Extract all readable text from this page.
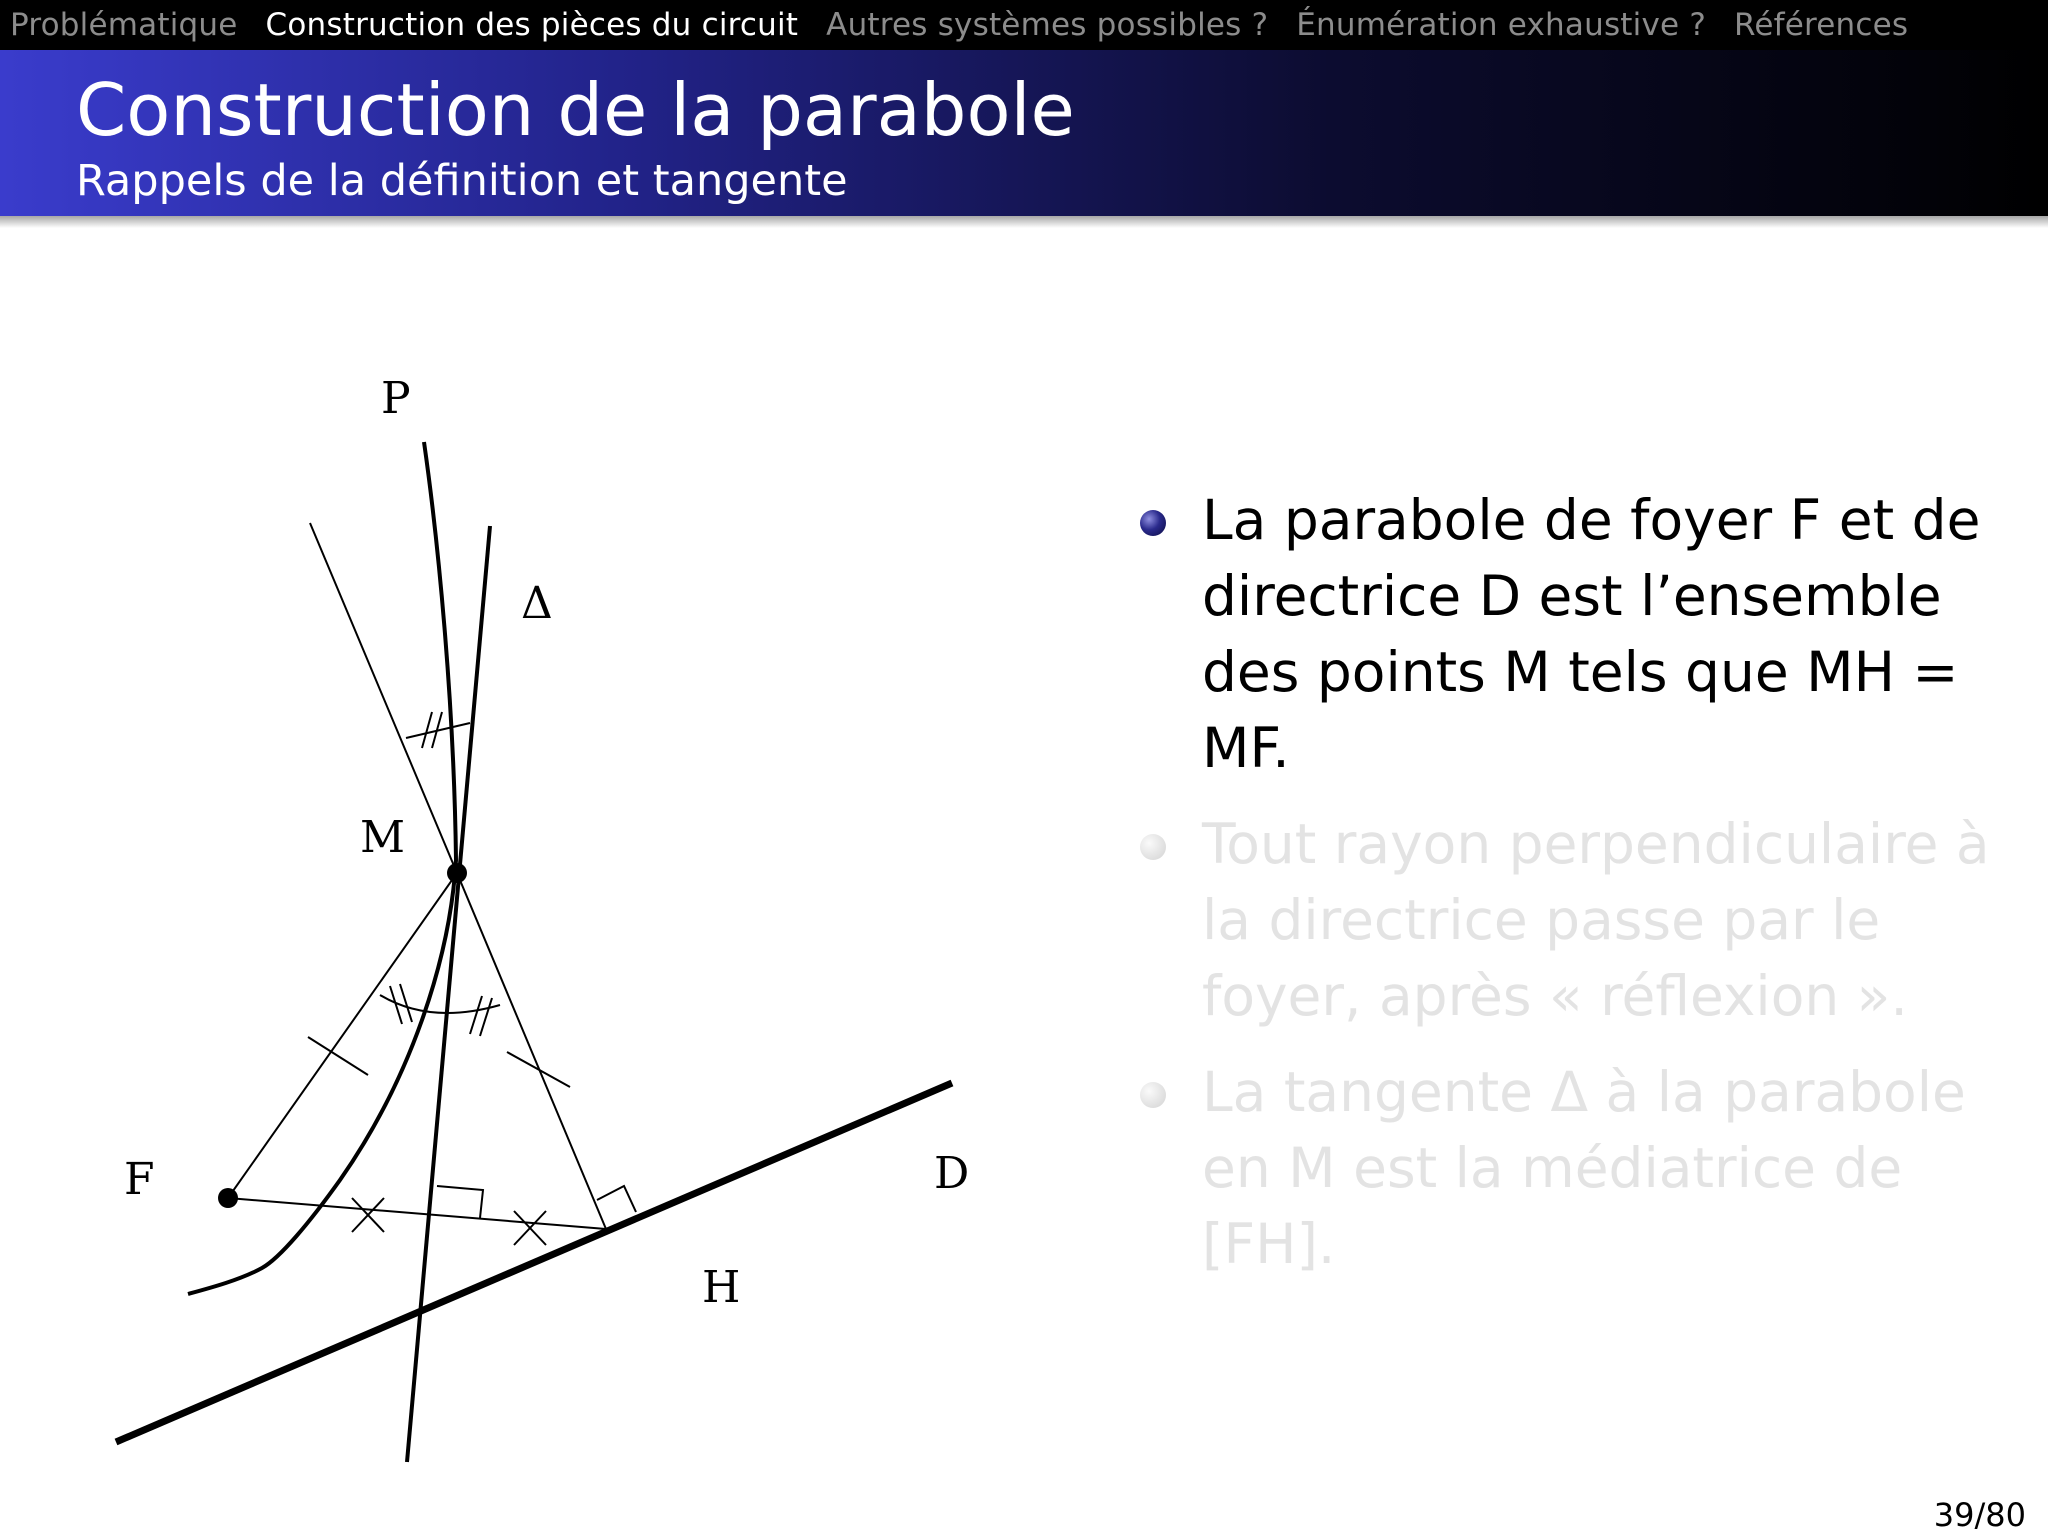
Problématique Construction des pièces du circuit Autres systèmes possibles ? Énumération exhaustive ? Références
Construction de la parabole
Rappels de la définition et tangente
P
Δ
M
F	D
H
La parabole de foyer F et de directrice D est l’ensemble des points M tels que MH = MF.
Tout rayon perpendiculaire à la directrice passe par le foyer, après « réflexion ».
La tangente Δ à la parabole en M est la médiatrice de [FH].
39/80
